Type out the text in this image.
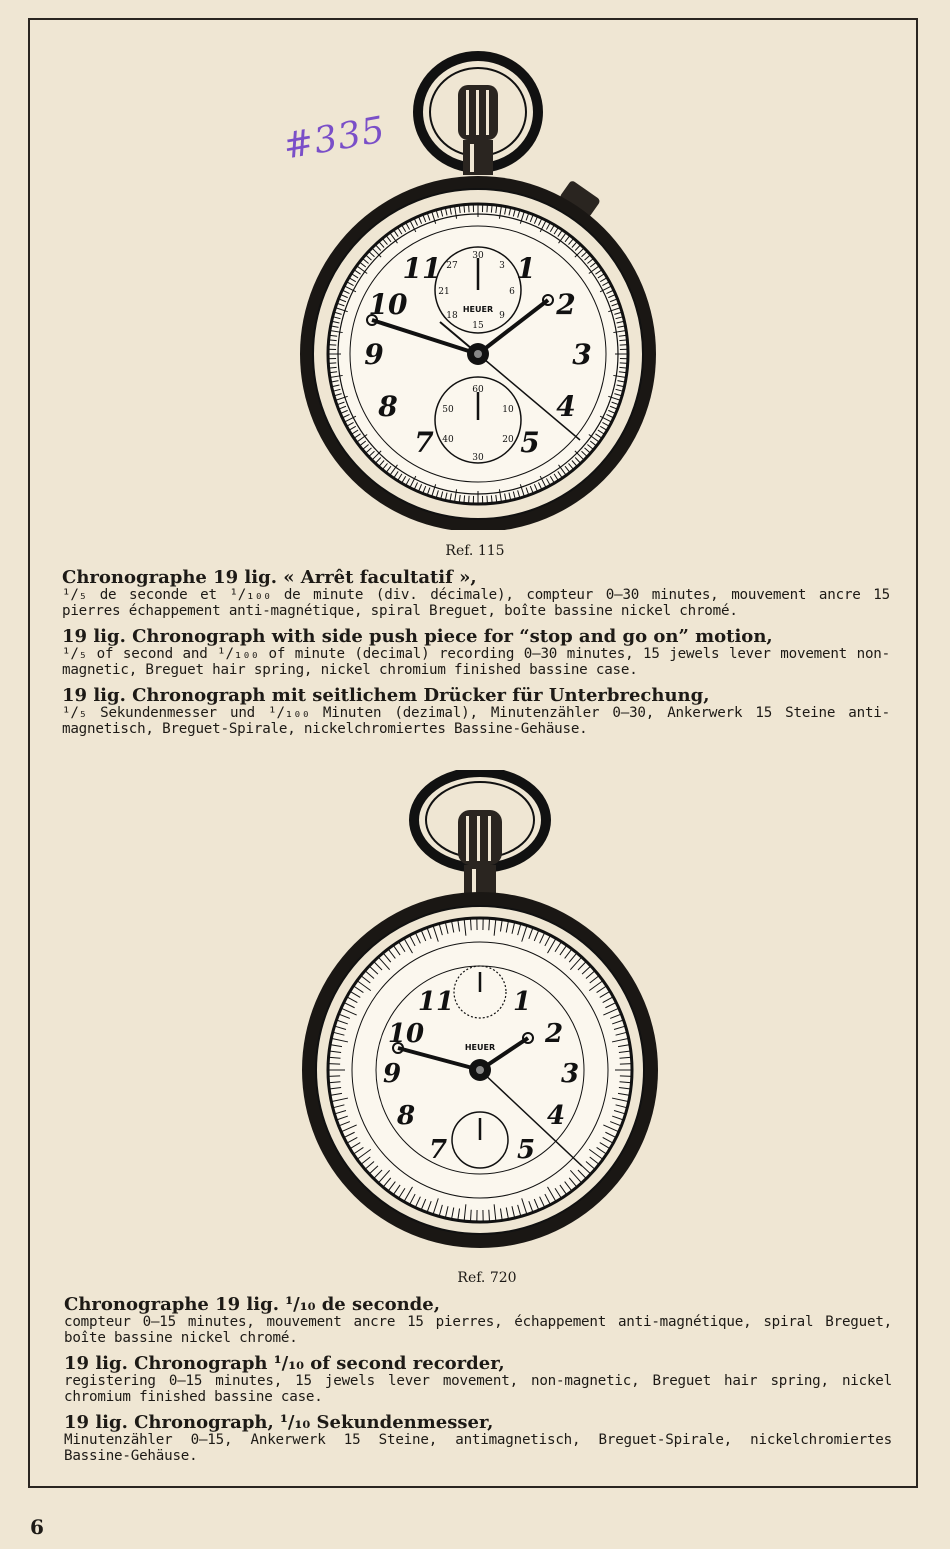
#335
30
3
6
9
15
18
21
27
60
10
20
30
40
50
1
2
3
4
5
7
8
9
10
11
HEUER
Ref. 115
Chronographe 19 lig. « Arrêt facultatif »,

¹/₅ de seconde et ¹/₁₀₀ de minute (div. décimale), compteur 0—30 minutes, mouvement ancre 15 pierres échappement anti-magnétique, spiral Breguet, boîte bassine nickel chromé.

19 lig. Chronograph with side push piece for “stop and go on” motion,

¹/₅ of second and ¹/₁₀₀ of minute (decimal) recording 0—30 minutes, 15 jewels lever movement non-magnetic, Breguet hair spring, nickel chromium finished bassine case.

19 lig. Chronograph mit seitlichem Drücker für Unterbrechung,

¹/₅ Sekundenmesser und ¹/₁₀₀ Minuten (dezimal), Minutenzähler 0—30, Ankerwerk 15 Steine anti-magnetisch, Breguet-Spirale, nickelchromiertes Bassine-Gehäuse.

1
2
3
4
5
7
8
9
10
11
HEUER
Ref. 720
Chronographe 19 lig. ¹/₁₀ de seconde,

compteur 0—15 minutes, mouvement ancre 15 pierres, échappement anti-magnétique, spiral Breguet, boîte bassine nickel chromé.

19 lig. Chronograph ¹/₁₀ of second recorder,

registering 0—15 minutes, 15 jewels lever movement, non-magnetic, Breguet hair spring, nickel chromium finished bassine case.

19 lig. Chronograph, ¹/₁₀ Sekundenmesser,

Minutenzähler 0—15, Ankerwerk 15 Steine, antimagnetisch, Breguet-Spirale, nickelchromiertes Bassine-Gehäuse.

6
